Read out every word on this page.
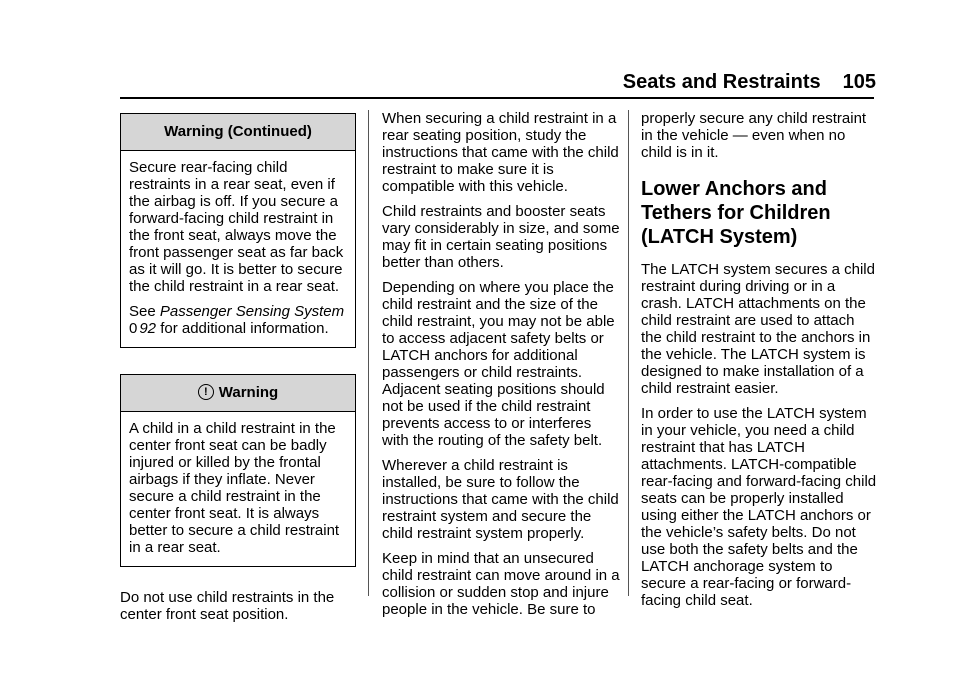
Seats and Restraints 105
Warning (Continued)

Secure rear-facing child restraints in a rear seat, even if the airbag is off. If you secure a forward-facing child restraint in the front seat, always move the front passenger seat as far back as it will go. It is better to secure the child restraint in a rear seat.

See Passenger Sensing System
0 92 for additional information.

! Warning

A child in a child restraint in the center front seat can be badly injured or killed by the frontal airbags if they inflate. Never secure a child restraint in the center front seat. It is always better to secure a child restraint in a rear seat.

Do not use child restraints in the center front seat position.

When securing a child restraint in a rear seating position, study the instructions that came with the child restraint to make sure it is compatible with this vehicle.

Child restraints and booster seats vary considerably in size, and some may fit in certain seating positions better than others.

Depending on where you place the child restraint and the size of the child restraint, you may not be able to access adjacent safety belts or LATCH anchors for additional passengers or child restraints. Adjacent seating positions should not be used if the child restraint prevents access to or interferes with the routing of the safety belt.

Wherever a child restraint is installed, be sure to follow the instructions that came with the child restraint system and secure the child restraint system properly.

Keep in mind that an unsecured child restraint can move around in a collision or sudden stop and injure people in the vehicle. Be sure to

properly secure any child restraint in the vehicle — even when no child is in it.

Lower Anchors and Tethers for Children (LATCH System)

The LATCH system secures a child restraint during driving or in a crash. LATCH attachments on the child restraint are used to attach the child restraint to the anchors in the vehicle. The LATCH system is designed to make installation of a child restraint easier.

In order to use the LATCH system in your vehicle, you need a child restraint that has LATCH attachments. LATCH-compatible rear-facing and forward-facing child seats can be properly installed using either the LATCH anchors or the vehicle’s safety belts. Do not use both the safety belts and the LATCH anchorage system to secure a rear-facing or forward-facing child seat.
